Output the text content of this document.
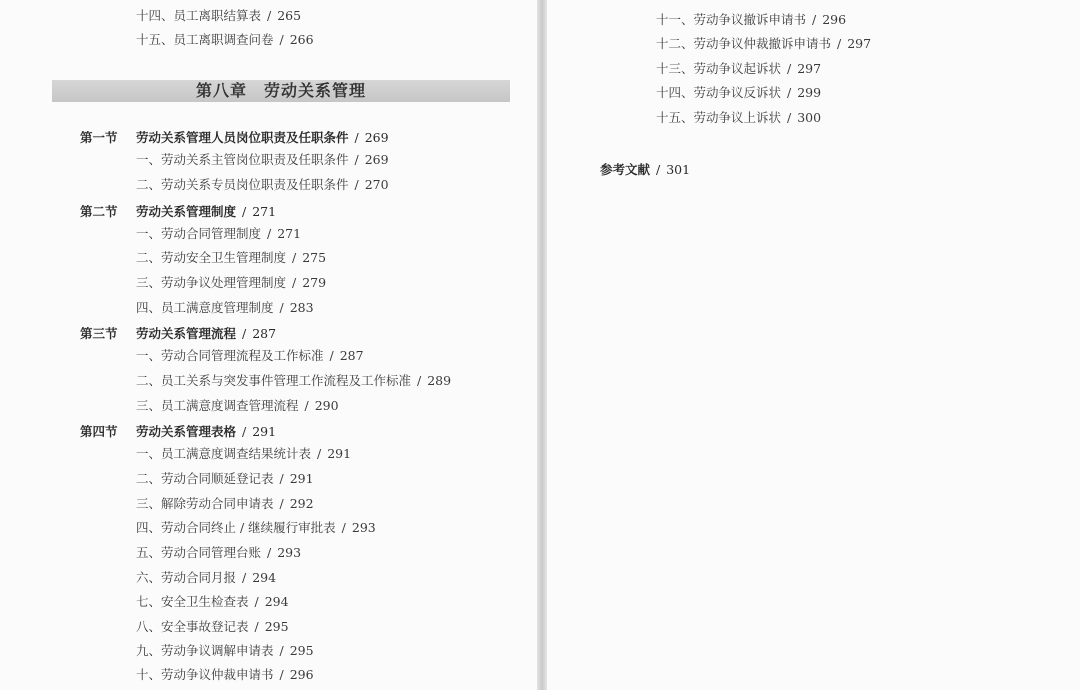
十四、员工离职结算表 / 265
十五、员工离职调查问卷 / 266
第八章　劳动关系管理
第一节 劳动关系管理人员岗位职责及任职条件 / 269
一、劳动关系主管岗位职责及任职条件 / 269
二、劳动关系专员岗位职责及任职条件 / 270
第二节 劳动关系管理制度 / 271
一、劳动合同管理制度 / 271
二、劳动安全卫生管理制度 / 275
三、劳动争议处理管理制度 / 279
四、员工满意度管理制度 / 283
第三节 劳动关系管理流程 / 287
一、劳动合同管理流程及工作标准 / 287
二、员工关系与突发事件管理工作流程及工作标准 / 289
三、员工满意度调查管理流程 / 290
第四节 劳动关系管理表格 / 291
一、员工满意度调查结果统计表 / 291
二、劳动合同顺延登记表 / 291
三、解除劳动合同申请表 / 292
四、劳动合同终止 / 继续履行审批表 / 293
五、劳动合同管理台账 / 293
六、劳动合同月报 / 294
七、安全卫生检查表 / 294
八、安全事故登记表 / 295
九、劳动争议调解申请表 / 295
十、劳动争议仲裁申请书 / 296
十一、劳动争议撤诉申请书 / 296
十二、劳动争议仲裁撤诉申请书 / 297
十三、劳动争议起诉状 / 297
十四、劳动争议反诉状 / 299
十五、劳动争议上诉状 / 300
参考文献 / 301
